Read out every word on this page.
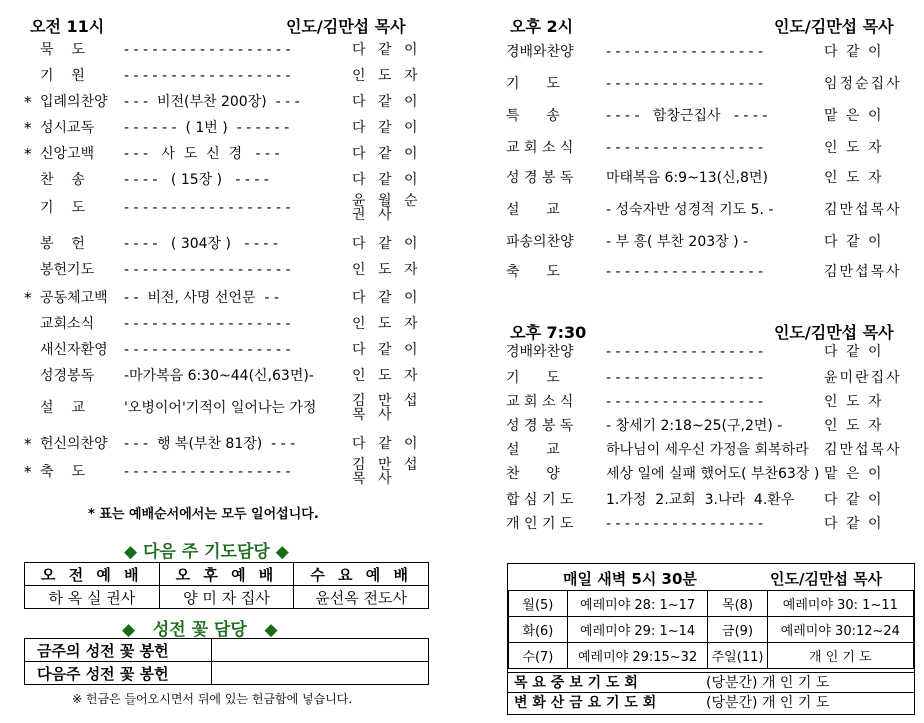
오전 11시	인도/김만섭 목사
묵    도	- - - - - - - - - - - - - - - - - -	다 같 이
기    원	- - - - - - - - - - - - - - - - - -	인 도 자
* 입례의찬양 - - -  비전(부찬 200장)  - - -	다 같 이
* 성시교독 - - - - - -  ( 1번 )  - - - - - -	다 같 이
* 신앙고백 - - -   사  도  신  경   - - -	다 같 이
찬    송	- - - -   ( 15장 )   - - - -	다 같 이
기    도	- - - - - - - - - - - - - - - - - -	윤 월 순 권 사
봉    헌	- - - -   ( 304장 )   - - - -	다 같 이
봉헌기도 - - - - - - - - - - - - - - - - - -	인 도 자
* 공동체고백 - -  비전, 사명 선언문  - -	다 같 이
교회소식 - - - - - - - - - - - - - - - - - -	인 도 자
새신자환영 - - - - - - - - - - - - - - - - - -	다 같 이
성경봉독 -마가복음 6:30~44(신,63면)-	인 도 자
설    교	'오병이어'기적이 일어나는 가정	김 만 섭 목 사
* 헌신의찬양 - - -  행 복(부찬 81장)  - - -	다 같 이
* 축    도	- - - - - - - - - - - - - - - - - -	김 만 섭 목 사
* 표는 예배순서에서는 모두 일어섭니다.
◆ 다음 주 기도담당 ◆
오 전 예 배	오 후 예 배	수 요 예 배
하 옥 실 권사	양 미 자 집사	윤선옥 전도사
◆   성전 꽃 담당   ◆
금주의 성전 꽃 봉헌	
다음주 성전 꽃 봉헌	
※ 헌금은 들어오시면서 뒤에 있는 헌금함에 넣습니다.
오후 2시	인도/김만섭 목사
경배와찬양 - - - - - - - - - - - - - - - - -	다 같 이
기      도	- - - - - - - - - - - - - - - - -	임정순집사
특      송	- - - -   함창근집사   - - - -	맡 은 이
교 회 소 식 - - - - - - - - - - - - - - - - -	인 도 자
성 경 봉 독 마태복음 6:9~13(신,8면)	인 도 자
설      교	- 성숙자반 성경적 기도 5. -	김만섭목사
파송의찬양 - 부 흥( 부찬 203장 ) -	다 같 이
축      도	- - - - - - - - - - - - - - - - -	김만섭목사
오후 7:30	인도/김만섭 목사
경배와찬양 - - - - - - - - - - - - - - - - -	다 같 이
기      도	- - - - - - - - - - - - - - - - -	윤미란집사
교 회 소 식 - - - - - - - - - - - - - - - - -	인 도 자
성 경 봉 독 - 창세기 2:18~25(구,2면) -	인 도 자
설      교	하나님이 세우신 가정을 회복하라	김만섭목사
찬      양	세상 일에 실패 했어도( 부찬63장 ) 맡 은 이
합 심 기 도 1.가정  2.교회  3.나라  4.환우	다 같 이
개 인 기 도 - - - - - - - - - - - - - - - - -	다 같 이
매일 새벽 5시 30분	인도/김만섭 목사
월(5)	예레미야 28: 1~17	목(8)	예레미야 30: 1~11
화(6)	예레미야 29: 1~14	금(9)	예레미야 30:12~24
수(7)	예레미야 29:15~32	주일(11)	개 인 기 도
목 요 중 보 기 도 회	(당분간) 개 인 기 도
변 화 산 금 요 기 도 회	(당분간) 개 인 기 도
